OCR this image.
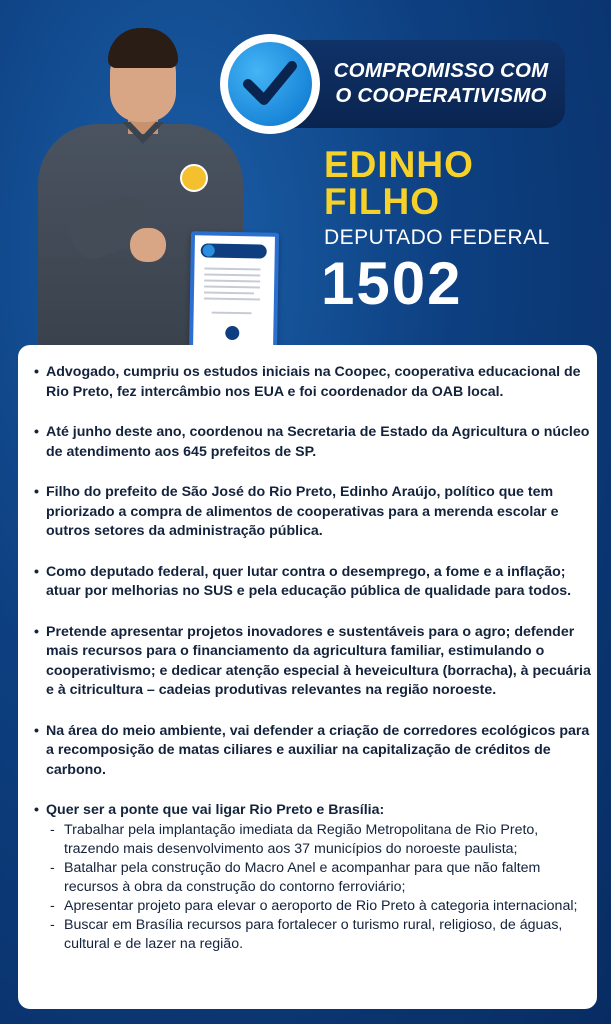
COMPROMISSO COM
O COOPERATIVISMO
EDINHO
FILHO
DEPUTADO FEDERAL
1502
• Advogado, cumpriu os estudos iniciais na Coopec, cooperativa educacional de Rio Preto, fez intercâmbio nos EUA e foi coordenador da OAB local.
• Até junho deste ano, coordenou na Secretaria de Estado da Agricultura o núcleo de atendimento aos 645 prefeitos de SP.
• Filho do prefeito de São José do Rio Preto, Edinho Araújo, político que tem priorizado a compra de alimentos de cooperativas para a merenda escolar e outros setores da administração pública.
• Como deputado federal, quer lutar contra o desemprego, a fome e a inflação; atuar por melhorias no SUS e pela educação pública de qualidade para todos.
• Pretende apresentar projetos inovadores e sustentáveis para o agro; defender mais recursos para o financiamento da agricultura familiar, estimulando o cooperativismo; e dedicar atenção especial à heveicultura (borracha), à pecuária e à citricultura – cadeias produtivas relevantes na região noroeste.
• Na área do meio ambiente, vai defender a criação de corredores ecológicos para a recomposição de matas ciliares e auxiliar na capitalização de créditos de carbono.
• Quer ser a ponte que vai ligar Rio Preto e Brasília:
- Trabalhar pela implantação imediata da Região Metropolitana de Rio Preto, trazendo mais desenvolvimento aos 37 municípios do noroeste paulista;
- Batalhar pela construção do Macro Anel e acompanhar para que não faltem recursos à obra da construção do contorno ferroviário;
- Apresentar projeto para elevar o aeroporto de Rio Preto à categoria internacional;
- Buscar em Brasília recursos para fortalecer o turismo rural, religioso, de águas, cultural e de lazer na região.
